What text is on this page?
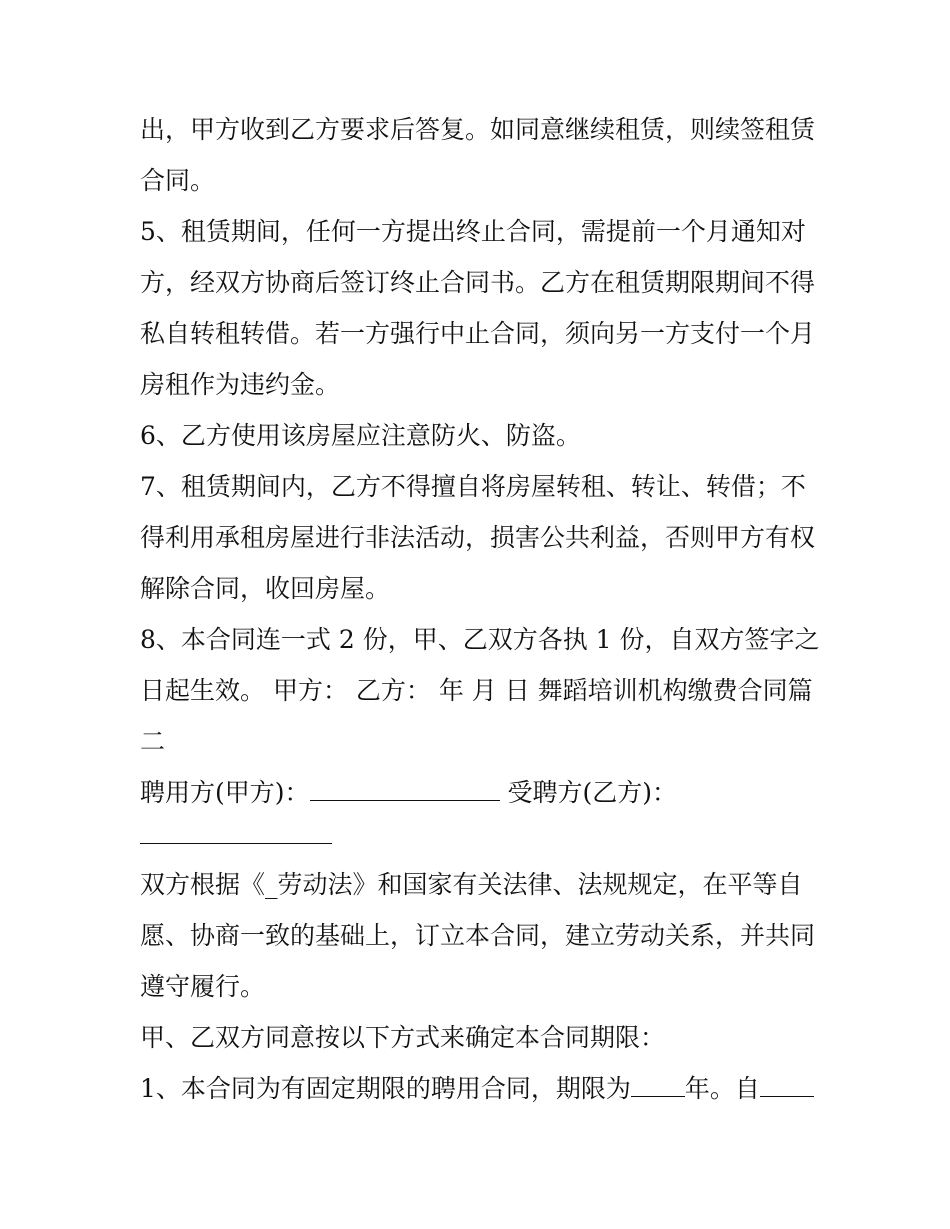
出，甲方收到乙方要求后答复。如同意继续租赁，则续签租赁
合同。
5、租赁期间，任何一方提出终止合同，需提前一个月通知对
方，经双方协商后签订终止合同书。乙方在租赁期限期间不得
私自转租转借。若一方强行中止合同，须向另一方支付一个月
房租作为违约金。
6、乙方使用该房屋应注意防火、防盗。
7、租赁期间内，乙方不得擅自将房屋转租、转让、转借；不
得利用承租房屋进行非法活动，损害公共利益，否则甲方有权
解除合同，收回房屋。
8、本合同连一式 2 份，甲、乙双方各执 1 份，自双方签字之
日起生效。 甲方： 乙方： 年 月 日 舞蹈培训机构缴费合同篇
二
聘用方(甲方)：	受聘方(乙方)：
双方根据《_劳动法》和国家有关法律、法规规定，在平等自
愿、协商一致的基础上，订立本合同，建立劳动关系，并共同
遵守履行。
甲、乙双方同意按以下方式来确定本合同期限：
1、本合同为有固定期限的聘用合同，期限为 年。自
